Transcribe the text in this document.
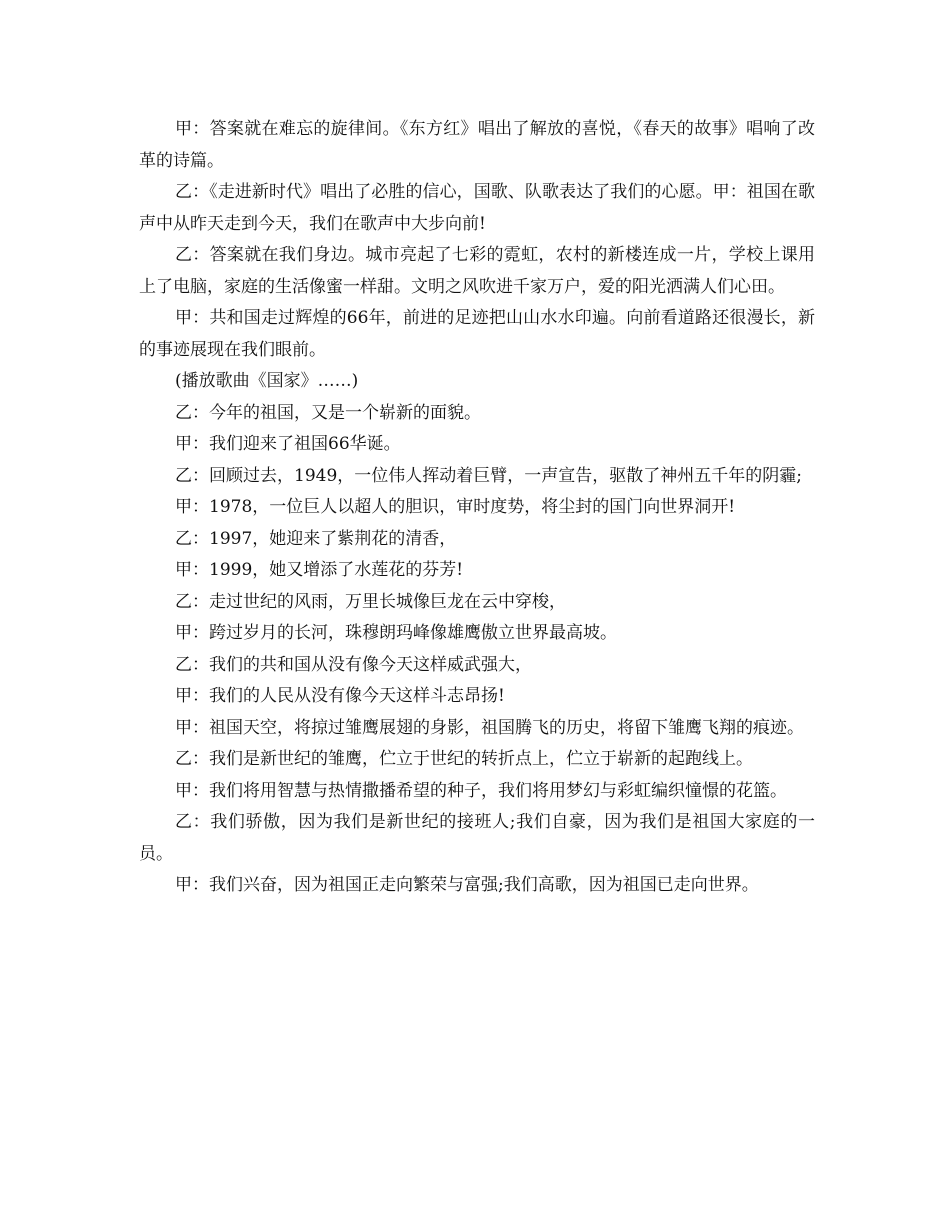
甲：答案就在难忘的旋律间。《东方红》唱出了解放的喜悦，《春天的故事》唱响了改革的诗篇。

乙：《走进新时代》唱出了必胜的信心，国歌、队歌表达了我们的心愿。甲：祖国在歌声中从昨天走到今天，我们在歌声中大步向前!

乙：答案就在我们身边。城市亮起了七彩的霓虹，农村的新楼连成一片，学校上课用上了电脑，家庭的生活像蜜一样甜。文明之风吹进千家万户，爱的阳光洒满人们心田。

甲：共和国走过辉煌的66年，前进的足迹把山山水水印遍。向前看道路还很漫长，新的事迹展现在我们眼前。

(播放歌曲《国家》……)

乙：今年的祖国，又是一个崭新的面貌。

甲：我们迎来了祖国66华诞。

乙：回顾过去，1949，一位伟人挥动着巨臂，一声宣告，驱散了神州五千年的阴霾;

甲：1978，一位巨人以超人的胆识，审时度势，将尘封的国门向世界洞开!

乙：1997，她迎来了紫荆花的清香，

甲：1999，她又增添了水莲花的芬芳!

乙：走过世纪的风雨，万里长城像巨龙在云中穿梭，

甲：跨过岁月的长河，珠穆朗玛峰像雄鹰傲立世界最高坡。

乙：我们的共和国从没有像今天这样威武强大，

甲：我们的人民从没有像今天这样斗志昂扬!

甲：祖国天空，将掠过雏鹰展翅的身影，祖国腾飞的历史，将留下雏鹰飞翔的痕迹。

乙：我们是新世纪的雏鹰，伫立于世纪的转折点上，伫立于崭新的起跑线上。

甲：我们将用智慧与热情撒播希望的种子，我们将用梦幻与彩虹编织憧憬的花篮。

乙：我们骄傲，因为我们是新世纪的接班人;我们自豪，因为我们是祖国大家庭的一员。

甲：我们兴奋，因为祖国正走向繁荣与富强;我们高歌，因为祖国已走向世界。
